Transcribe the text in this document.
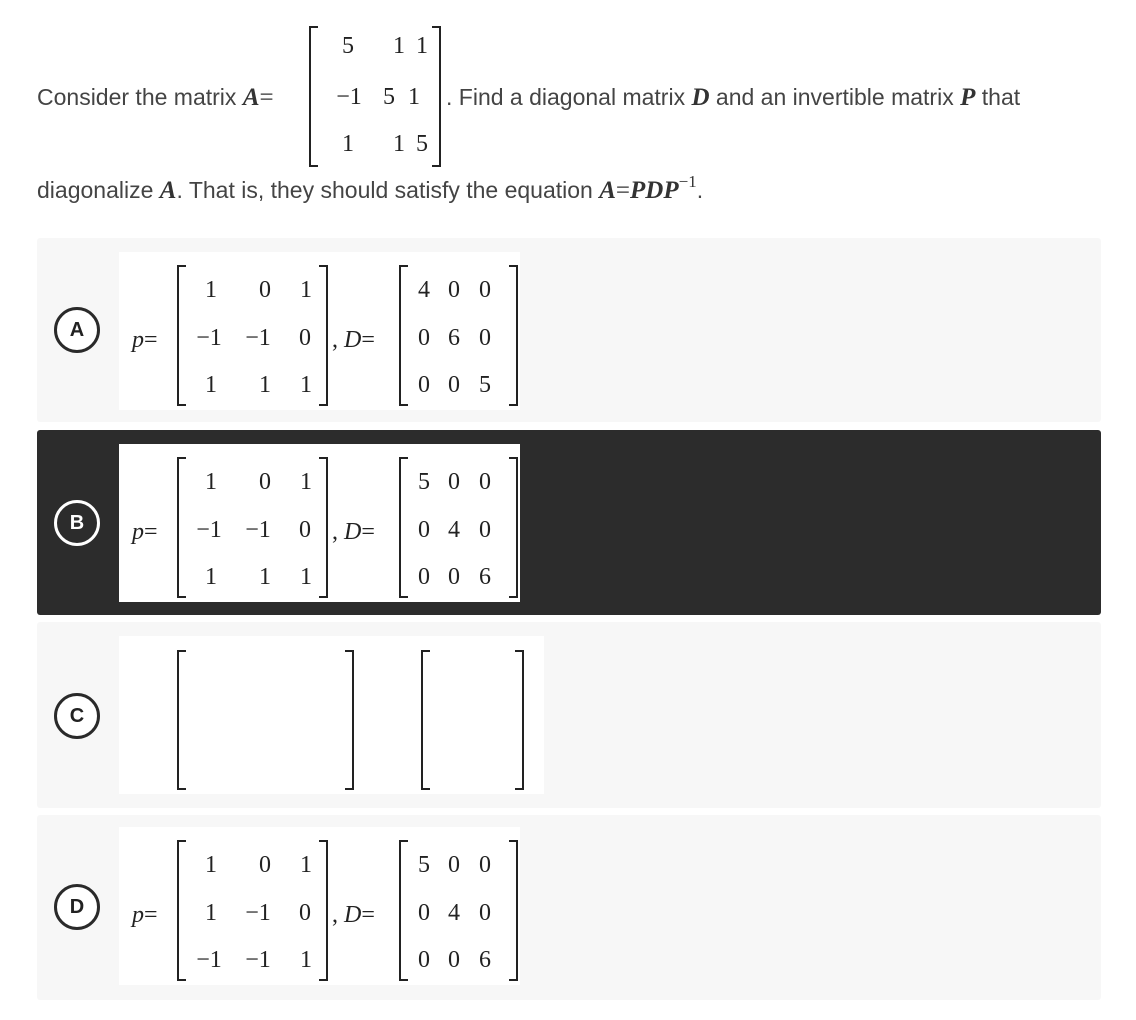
Consider the matrix A=
5	1 1
−1 5 1
1	1 5
. Find a diagonal matrix D and an invertible matrix P that
diagonalize A. That is, they should satisfy the equation $A=PDP^{-1}$.
A	p=
1	0	1
−1 −1	0
1	1	1
, D=
4 0 0
0 6 0
0 0 5
B	p=
1	0	1
−1 −1	0
1	1	1
, D=
5 0 0
0 4 0
0 0 6
C
D	p=
1	0	1
1	−1	0
−1 −1	1
, D=
5 0 0
0 4 0
0 0 6
